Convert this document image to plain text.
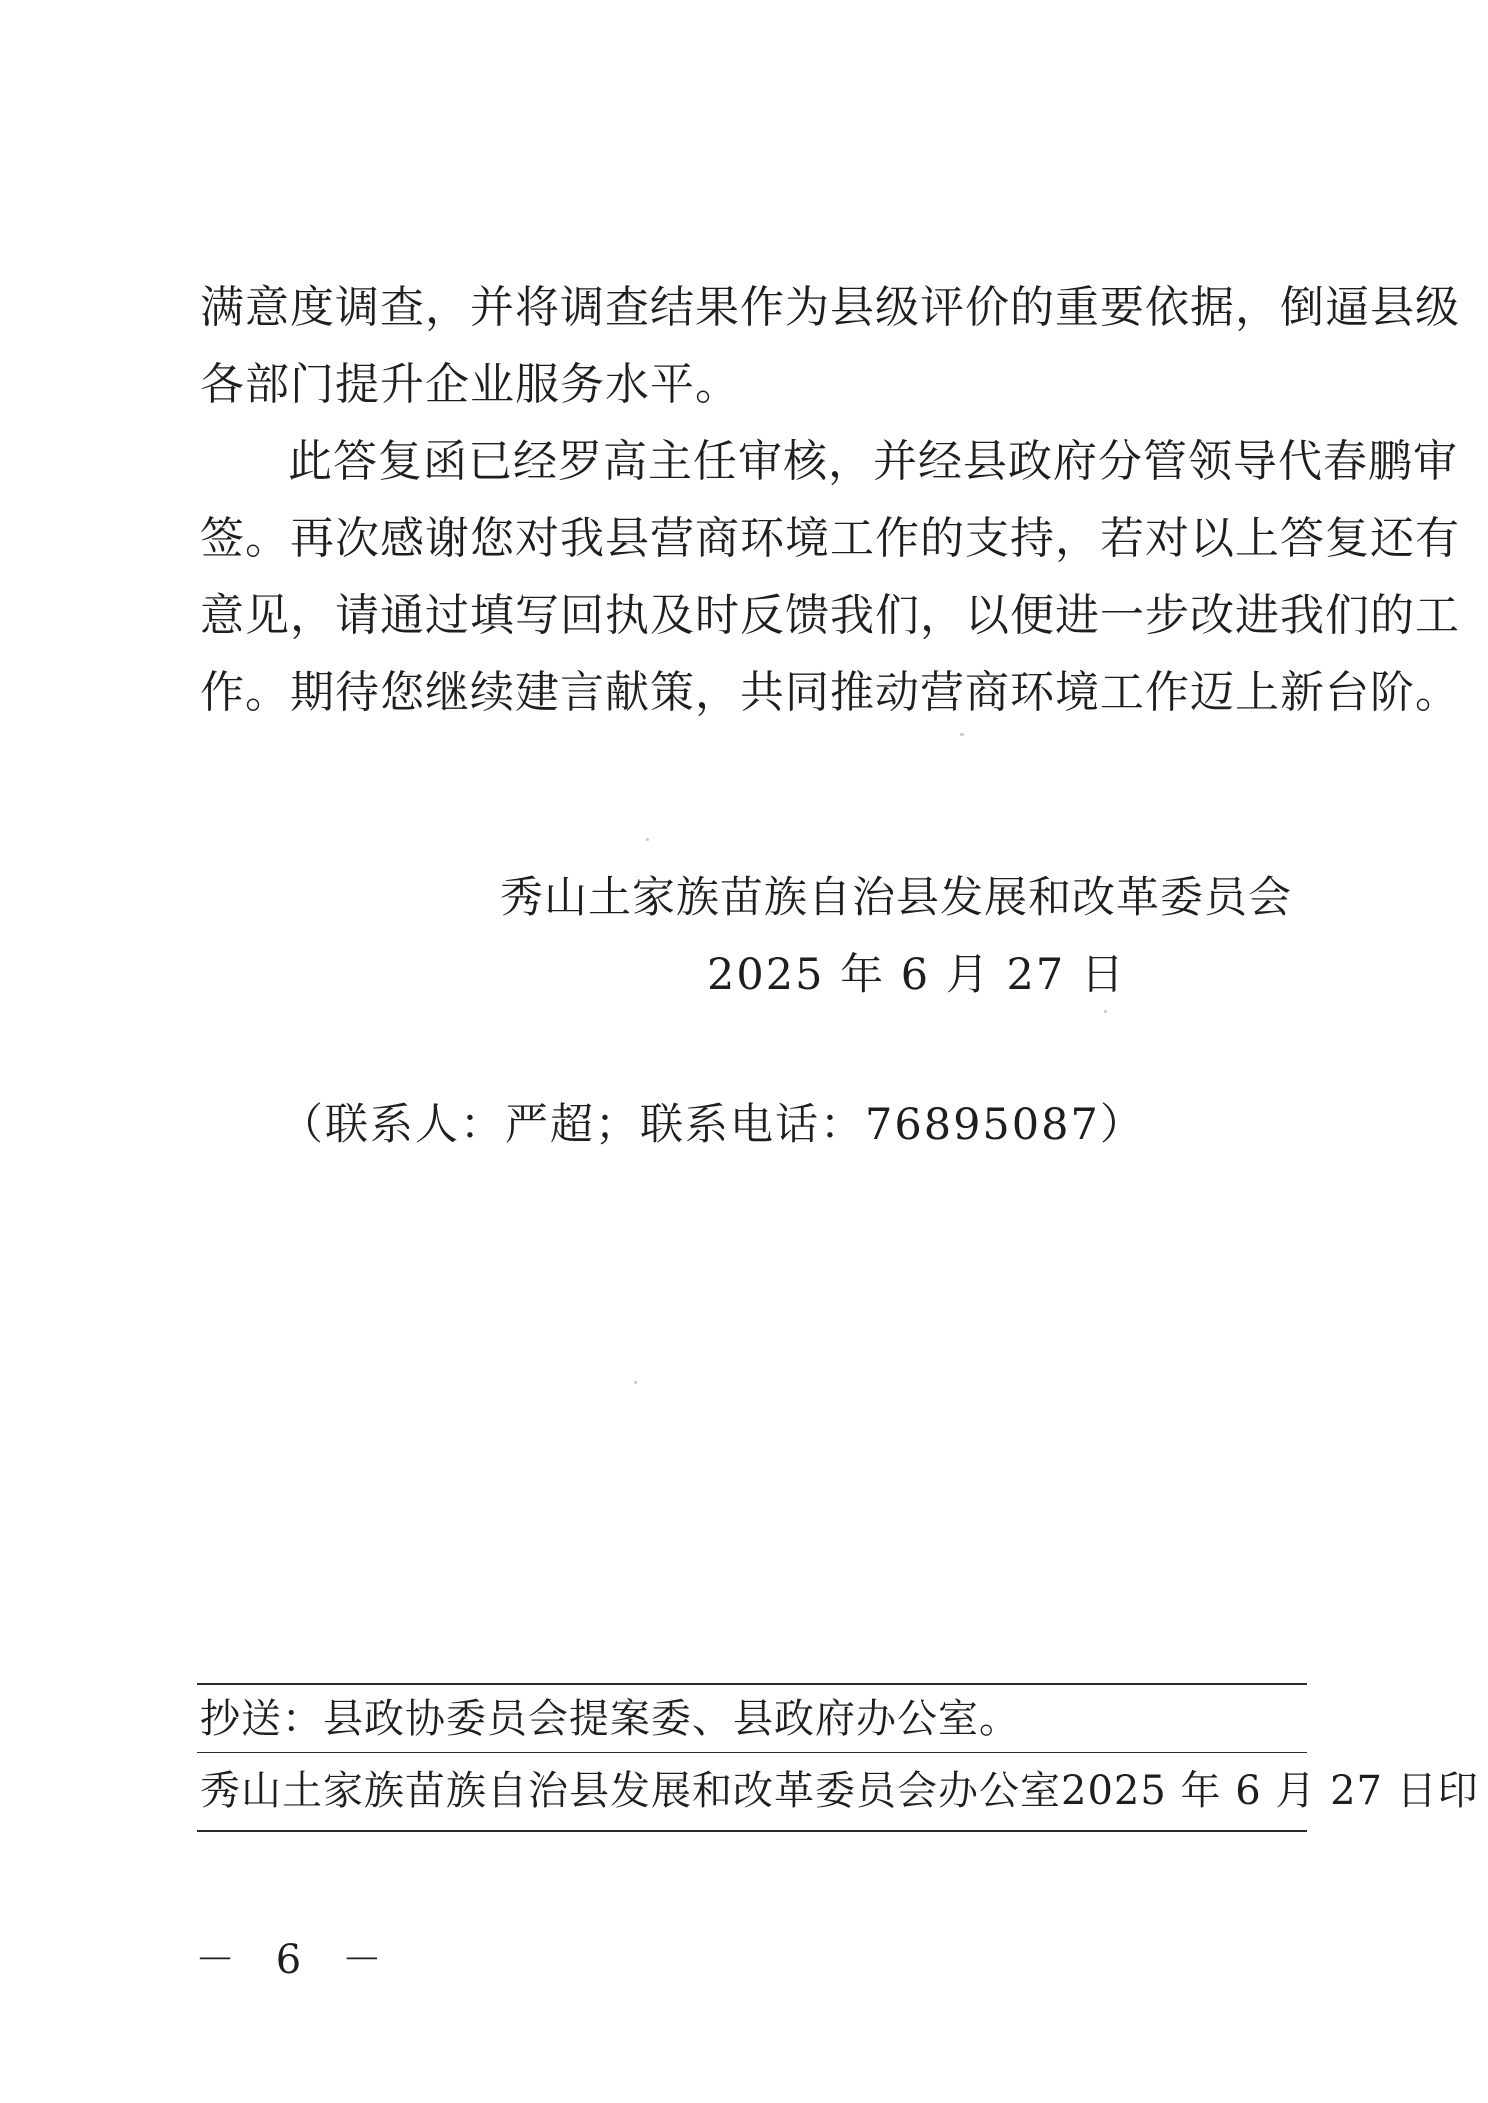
满意度调查，并将调查结果作为县级评价的重要依据，倒逼县级
各部门提升企业服务水平。
此答复函已经罗高主任审核，并经县政府分管领导代春鹏审
签。再次感谢您对我县营商环境工作的支持，若对以上答复还有
意见，请通过填写回执及时反馈我们，以便进一步改进我们的工
作。期待您继续建言献策，共同推动营商环境工作迈上新台阶。
秀山土家族苗族自治县发展和改革委员会
2025 年 6 月 27 日
（联系人：严超；联系电话：76895087）
抄送：县政协委员会提案委、县政府办公室。
秀山土家族苗族自治县发展和改革委员会办公室 2025 年 6 月 27 日印
－ 6 －
